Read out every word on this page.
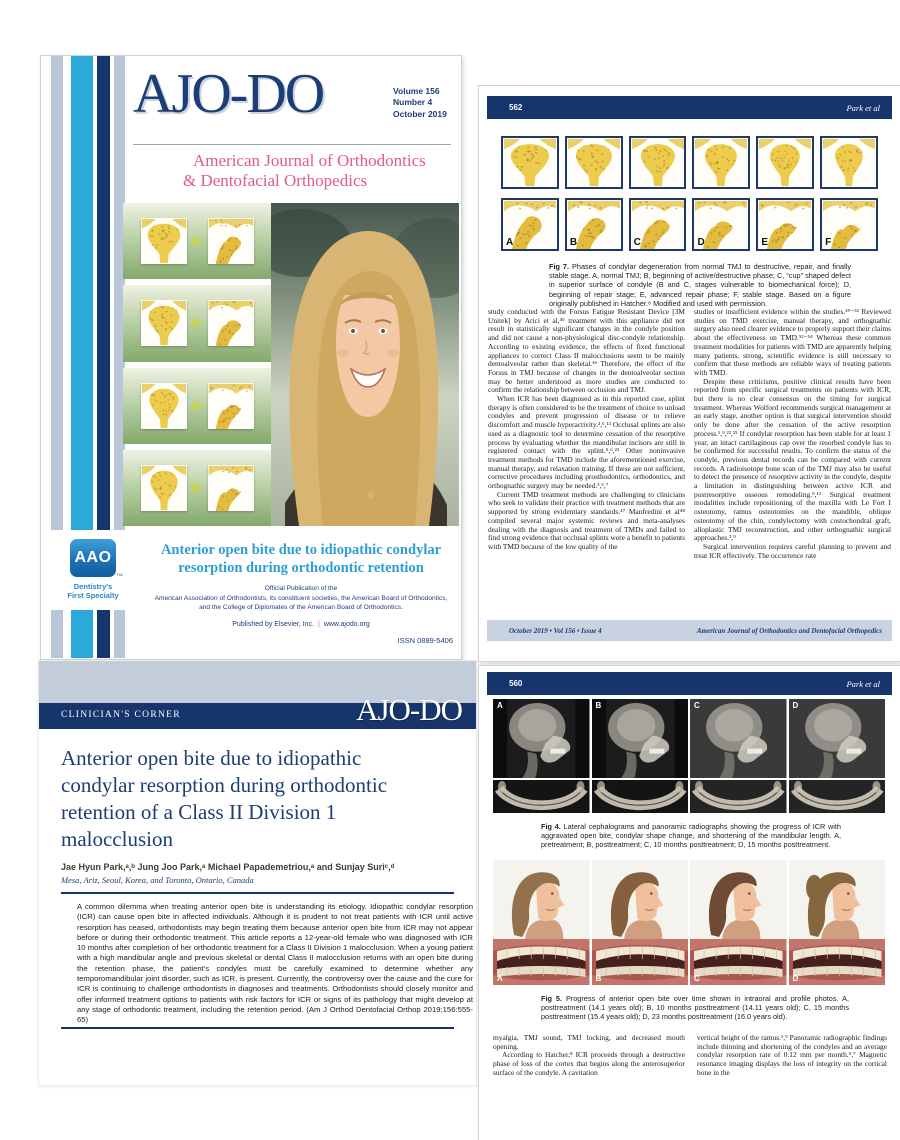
AJO-DO	Volume 156
Number 4
October 2019
American Journal of Orthodontics
& Dentofacial Orthopedics
Anterior open bite due to idiopathic condylar
resorption during orthodontic retention
Official Publication of the
American Association of Orthodontists, its constituent societies, the American Board of Orthodontics,
and the College of Diplomates of the American Board of Orthodontics.
Published by Elsevier, Inc. | www.ajodo.org
ISSN 0889-5406
AAO
TM
Dentistry's
First Specialty
562	Park et al
A	B	C	D	E	F

Fig 7. Phases of condylar degeneration from normal TMJ to destructive, repair, and finally stable stage. A, normal TMJ; B, beginning of active/destructive phase; C, “cup” shaped defect in superior surface of condyle (B and C, stages vulnerable to biomechanical force); D, beginning of repair stage; E, advanced repair phase; F, stable stage. Based on a figure originally published in Hatcher.⁸ Modified and used with permission.

study conducted with the Forsus Fatigue Resistant Device [3M Unitek] by Arici et al,⁴⁵ treatment with this appliance did not result in statistically significant changes in the condyle position and did not cause a non-physiological disc-condyle relationship. According to existing evidence, the effects of fixed functional appliances to correct Class II malocclusions seem to be mainly dentoalveolar rather than skeletal.⁴⁶ Therefore, the effect of the Forsus in TMJ because of changes in the dentoalveolar section may be better understood as more studies are conducted to confirm the relationship between occlusion and TMJ.

When ICR has been diagnosed as in this reported case, splint therapy is often considered to be the treatment of choice to unload condyles and prevent progression of disease or to relieve discomfort and muscle hyperactivity.³,⁶,¹³ Occlusal splints are also used as a diagnostic tool to determine cessation of the resorptive process by evaluating whether the mandibular incisors are still in registered contact with the splint.⁵,⁶,²³ Other noninvasive treatment methods for TMD include the aforementioned exercise, manual therapy, and relaxation training. If these are not sufficient, corrective procedures including prosthodontics, orthodontics, and orthognathic surgery may be needed.³,⁶,⁷

Current TMD treatment methods are challenging to clinicians who seek to validate their practice with treatment methods that are supported by strong evidentiary standards.⁴⁷ Manfredini et al⁴⁸ compiled several major systemic reviews and meta-analyses dealing with the diagnosis and treatment of TMDs and failed to find strong evidence that occlusal splints were a benefit to patients with TMD because of the low quality of the

studies or insufficient evidence within the studies.⁴⁹⁻⁵¹ Reviewed studies on TMD exercise, manual therapy, and orthognathic surgery also need clearer evidence to properly support their claims about the effectiveness on TMD.⁵²⁻⁵⁴ Whereas these common treatment modalities for patients with TMD are apparently helping many patients, strong, scientific evidence is still necessary to confirm that these methods are reliable ways of treating patients with TMD.

Despite these criticisms, positive clinical results have been reported from specific surgical treatments on patients with ICR, but there is no clear consensus on the timing for surgical treatment. Whereas Wolford recommends surgical management at an early stage, another option is that surgical intervention should only be done after the cessation of the active resorption process.¹,⁹,²³,²⁵ If condylar resorption has been stable for at least 1 year, an intact cartilaginous cap over the resorbed condyle has to be confirmed for successful results. To confirm the status of the condyle, previous dental records can be compared with current records. A radioisotope bone scan of the TMJ may also be useful to detect the presence of resorptive activity in the condyle, despite a limitation in distinguishing between active ICR and postresorptive osseous remodeling.⁹,¹² Surgical treatment modalities include repositioning of the maxilla with Le Fort I osteotomy, ramus osteotomies on the mandible, oblique osteotomy of the chin, condylectomy with costochondral graft, alloplastic TMJ reconstruction, and other orthognathic surgical approaches.³,⁹

Surgical intervention requires careful planning to prevent and treat ICR effectively. The occurrence rate

October 2019 • Vol 156 • Issue 4	American Journal of Orthodontics and Dentofacial Orthopedics
CLINICIAN'S CORNER	AJO-DO
Anterior open bite due to idiopathic
condylar resorption during orthodontic
retention of a Class II Division 1
malocclusion
Jae Hyun Park,ᵃ,ᵇ Jung Joo Park,ᵃ Michael Papademetriou,ᵃ and Sunjay Suriᶜ,ᵈ
Mesa, Ariz, Seoul, Korea, and Toronto, Ontario, Canada
A common dilemma when treating anterior open bite is understanding its etiology. Idiopathic condylar resorption (ICR) can cause open bite in affected individuals. Although it is prudent to not treat patients with ICR until active resorption has ceased, orthodontists may begin treating them because anterior open bite from ICR may not appear before or during their orthodontic treatment. This article reports a 12-year-old female who was diagnosed with ICR 10 months after completion of her orthodontic treatment for a Class II Division 1 malocclusion. When a young patient with a high mandibular angle and previous skeletal or dental Class II malocclusion returns with an open bite during the retention phase, the patient's condyles must be carefully examined to determine whether any temporomandibular joint disorder, such as ICR, is present. Currently, the controversy over the cause and the cure for ICR is continuing to challenge orthodontists in diagnoses and treatments. Orthodontists should closely monitor and offer informed treatment options to patients with risk factors for ICR or signs of its pathology that might develop at any stage of orthodontic treatment, including the retention period. (Am J Orthod Dentofacial Orthop 2019;156:555-65)
560	Park et al
A	B	C	D

Fig 4. Lateral cephalograms and panoramic radiographs showing the progress of ICR with aggravated open bite, condylar shape change, and shortening of the mandibular length. A, pretreatment; B, posttreatment; C, 10 months posttreatment; D, 15 months posttreatment.

A	B	C	D

Fig 5. Progress of anterior open bite over time shown in intraoral and profile photos. A, posttreatment (14.1 years old); B, 10 months posttreatment (14.11 years old); C, 15 months posttreatment (15.4 years old); D, 23 months posttreatment (16.0 years old).

myalgia, TMJ sound, TMJ locking, and decreased mouth opening.

According to Hatcher,⁸ ICR proceeds through a destructive phase of loss of the cortex that begins along the anterosuperior surface of the condyle. A cavitation

vertical height of the ramus.¹,⁹ Panoramic radiographic findings include thinning and shortening of the condyles and an average condylar resorption rate of 0.12 mm per month.⁵,⁷ Magnetic resonance imaging displays the loss of integrity on the cortical bone in the
